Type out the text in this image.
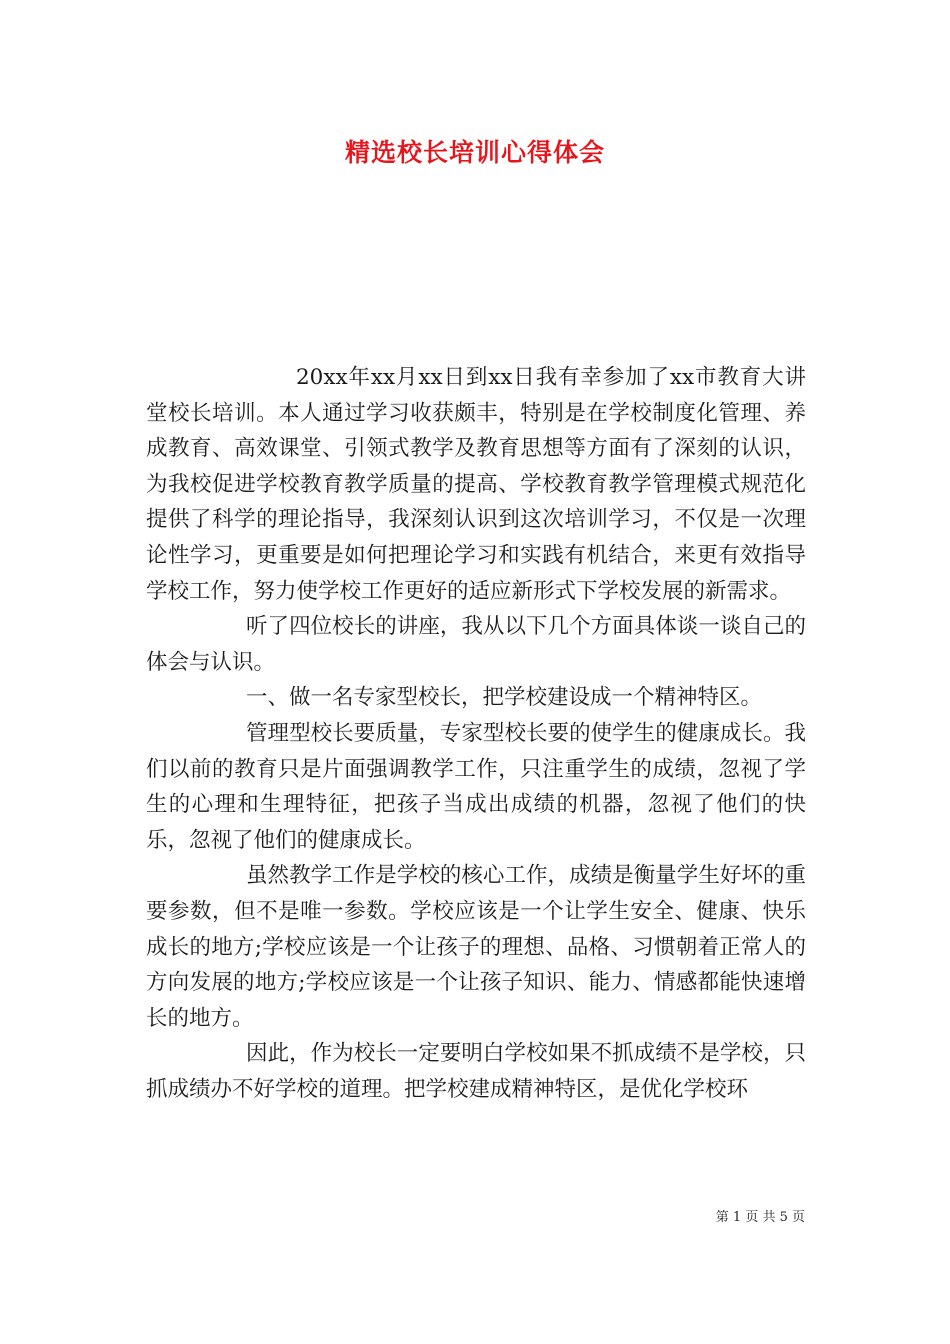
精选校长培训心得体会

20xx年xx月xx日到xx日我有幸参加了xx市教育大讲堂校长培训。本人通过学习收获颇丰，特别是在学校制度化管理、养成教育、高效课堂、引领式教学及教育思想等方面有了深刻的认识，为我校促进学校教育教学质量的提高、学校教育教学管理模式规范化提供了科学的理论指导，我深刻认识到这次培训学习，不仅是一次理论性学习，更重要是如何把理论学习和实践有机结合，来更有效指导学校工作，努力使学校工作更好的适应新形式下学校发展的新需求。

听了四位校长的讲座，我从以下几个方面具体谈一谈自己的体会与认识。

一、做一名专家型校长，把学校建设成一个精神特区。

管理型校长要质量，专家型校长要的使学生的健康成长。我们以前的教育只是片面强调教学工作，只注重学生的成绩，忽视了学生的心理和生理特征，把孩子当成出成绩的机器，忽视了他们的快乐，忽视了他们的健康成长。

虽然教学工作是学校的核心工作，成绩是衡量学生好坏的重要参数，但不是唯一参数。学校应该是一个让学生安全、健康、快乐成长的地方;学校应该是一个让孩子的理想、品格、习惯朝着正常人的方向发展的地方;学校应该是一个让孩子知识、能力、情感都能快速增长的地方。

因此，作为校长一定要明白学校如果不抓成绩不是学校，只抓成绩办不好学校的道理。把学校建成精神特区，是优化学校环

第 1 页 共 5 页
